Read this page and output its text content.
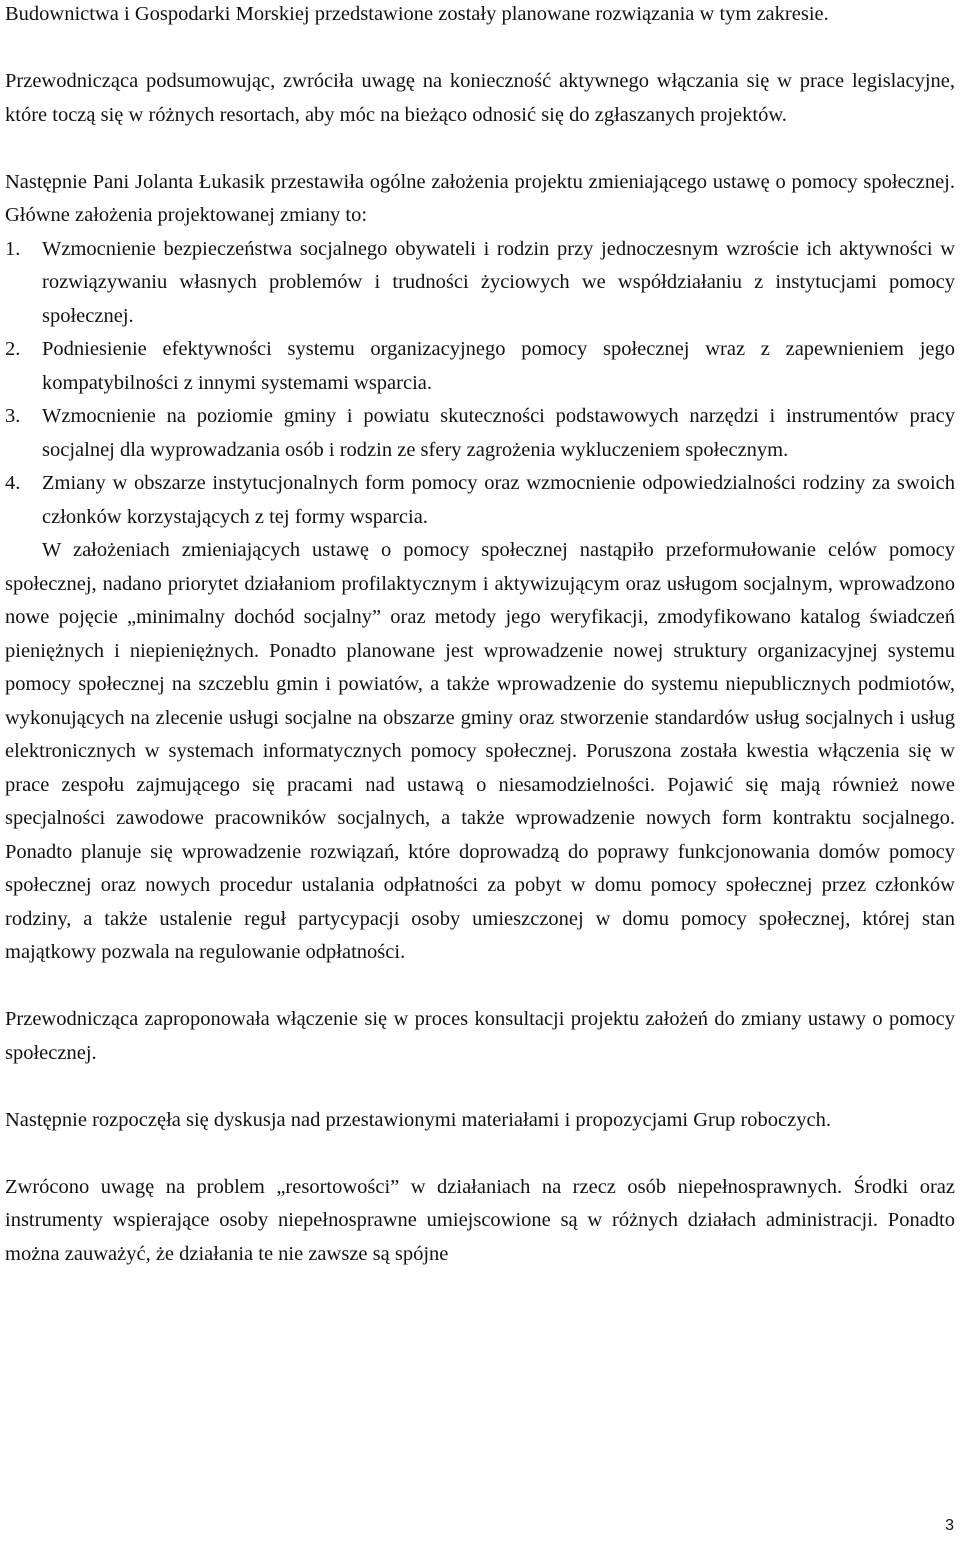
Budownictwa i Gospodarki Morskiej przedstawione zostały planowane rozwiązania w tym zakresie.

Przewodnicząca podsumowując, zwróciła uwagę na konieczność aktywnego włączania się w prace legislacyjne, które toczą się w różnych resortach, aby móc na bieżąco odnosić się do zgłaszanych projektów.

Następnie Pani Jolanta Łukasik przestawiła ogólne założenia projektu zmieniającego ustawę o pomocy społecznej. Główne założenia projektowanej zmiany to:

1. Wzmocnienie bezpieczeństwa socjalnego obywateli i rodzin przy jednoczesnym wzroście ich aktywności w rozwiązywaniu własnych problemów i trudności życiowych we współdziałaniu z instytucjami pomocy społecznej.
2. Podniesienie efektywności systemu organizacyjnego pomocy społecznej wraz z zapewnieniem jego kompatybilności z innymi systemami wsparcia.
3. Wzmocnienie na poziomie gminy i powiatu skuteczności podstawowych narzędzi i instrumentów pracy socjalnej dla wyprowadzania osób i rodzin ze sfery zagrożenia wykluczeniem społecznym.
4. Zmiany w obszarze instytucjonalnych form pomocy oraz wzmocnienie odpowiedzialności rodziny za swoich członków korzystających z tej formy wsparcia.

W założeniach zmieniających ustawę o pomocy społecznej nastąpiło przeformułowanie celów pomocy społecznej, nadano priorytet działaniom profilaktycznym i aktywizującym oraz usługom socjalnym, wprowadzono nowe pojęcie „minimalny dochód socjalny” oraz metody jego weryfikacji, zmodyfikowano katalog świadczeń pieniężnych i niepieniężnych. Ponadto planowane jest wprowadzenie nowej struktury organizacyjnej systemu pomocy społecznej na szczeblu gmin i powiatów, a także wprowadzenie do systemu niepublicznych podmiotów, wykonujących na zlecenie usługi socjalne na obszarze gminy oraz stworzenie standardów usług socjalnych i usług elektronicznych w systemach informatycznych pomocy społecznej. Poruszona została kwestia włączenia się w prace zespołu zajmującego się pracami nad ustawą o niesamodzielności. Pojawić się mają również nowe specjalności zawodowe pracowników socjalnych, a także wprowadzenie nowych form kontraktu socjalnego. Ponadto planuje się wprowadzenie rozwiązań, które doprowadzą do poprawy funkcjonowania domów pomocy społecznej oraz nowych procedur ustalania odpłatności za pobyt w domu pomocy społecznej przez członków rodziny, a także ustalenie reguł partycypacji osoby umieszczonej w domu pomocy społecznej, której stan majątkowy pozwala na regulowanie odpłatności.

Przewodnicząca zaproponowała włączenie się w proces konsultacji projektu założeń do zmiany ustawy o pomocy społecznej.

Następnie rozpoczęła się dyskusja nad przestawionymi materiałami i propozycjami Grup roboczych.

Zwrócono uwagę na problem „resortowości” w działaniach na rzecz osób niepełnosprawnych. Środki oraz instrumenty wspierające osoby niepełnosprawne umiejscowione są w różnych działach administracji. Ponadto można zauważyć, że działania te nie zawsze są spójne

3
